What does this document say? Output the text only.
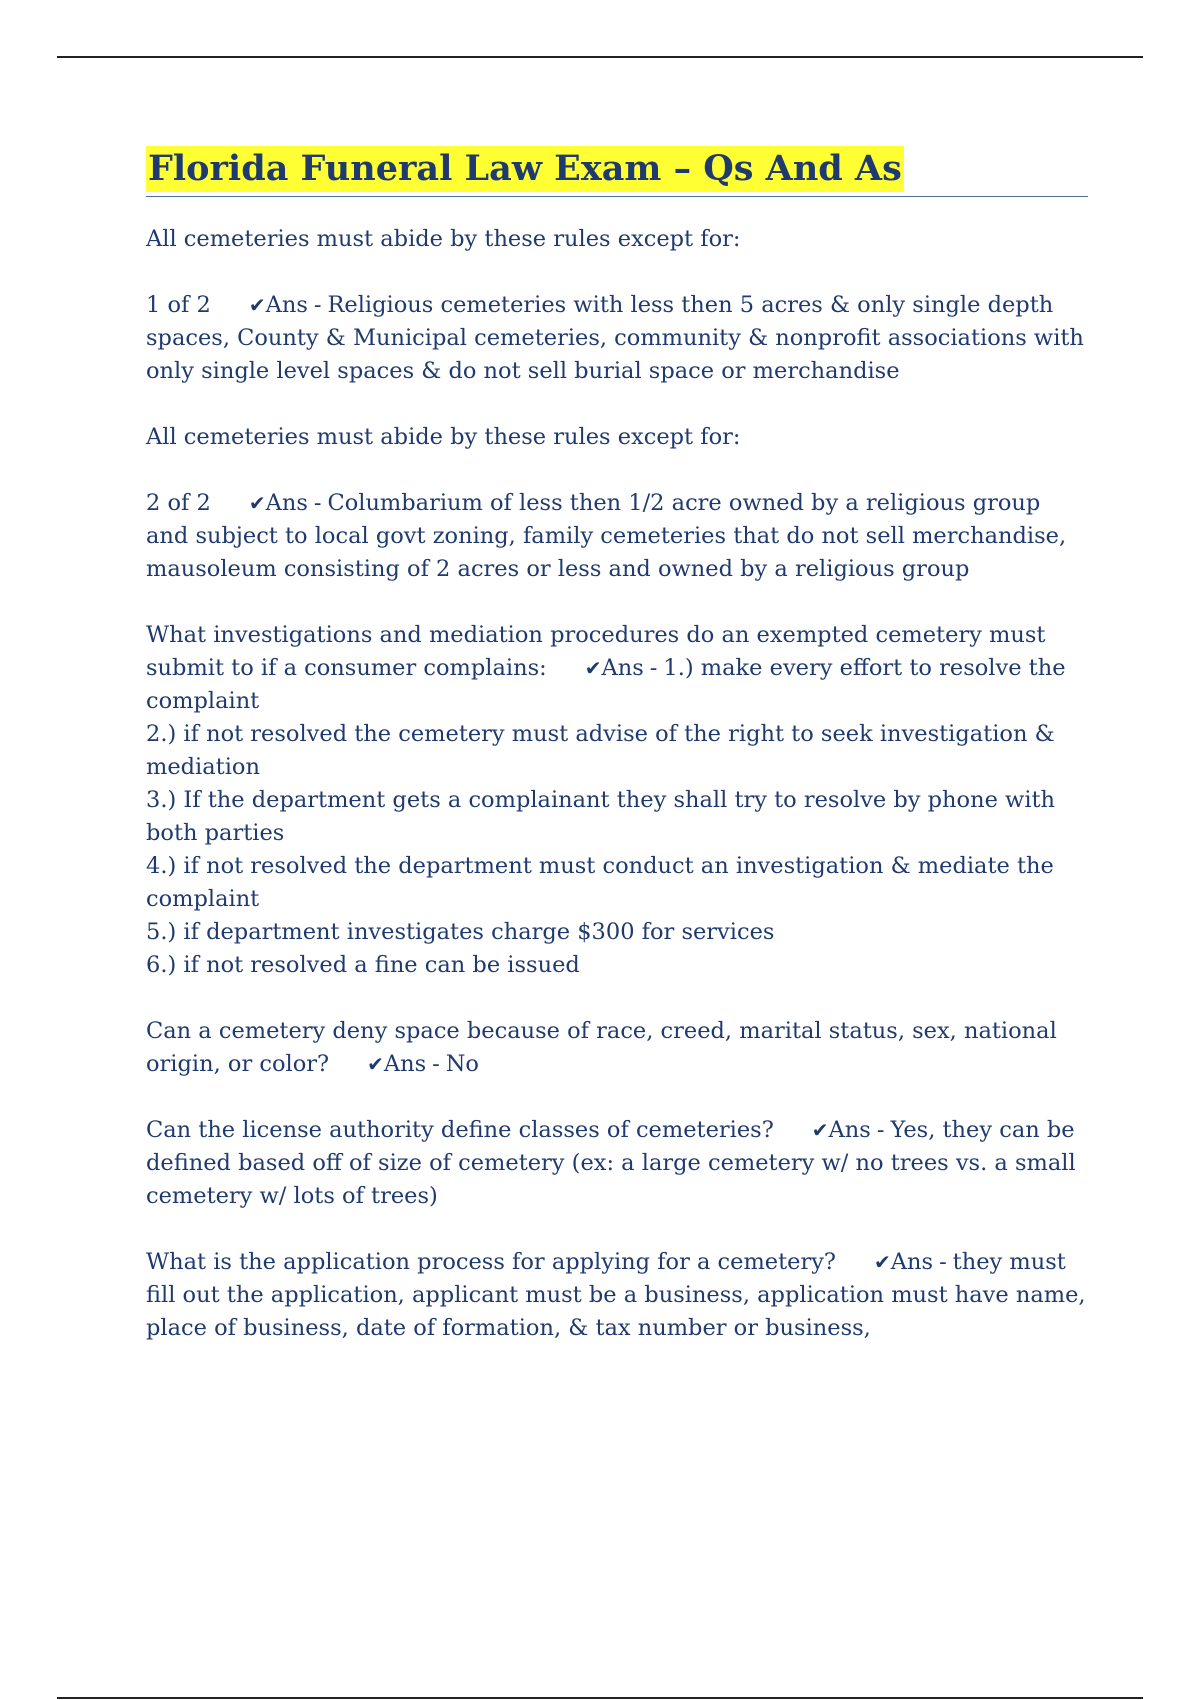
Florida Funeral Law Exam – Qs And As

All cemeteries must abide by these rules except for:

1 of 2 ✔Ans - Religious cemeteries with less then 5 acres & only single depth spaces, County & Municipal cemeteries, community & nonprofit associations with only single level spaces & do not sell burial space or merchandise

All cemeteries must abide by these rules except for:

2 of 2 ✔Ans - Columbarium of less then 1/2 acre owned by a religious group and subject to local govt zoning, family cemeteries that do not sell merchandise, mausoleum consisting of 2 acres or less and owned by a religious group

What investigations and mediation procedures do an exempted cemetery must submit to if a consumer complains: ✔Ans - 1.) make every effort to resolve the complaint
2.) if not resolved the cemetery must advise of the right to seek investigation & mediation
3.) If the department gets a complainant they shall try to resolve by phone with both parties
4.) if not resolved the department must conduct an investigation & mediate the complaint
5.) if department investigates charge $300 for services
6.) if not resolved a fine can be issued

Can a cemetery deny space because of race, creed, marital status, sex, national origin, or color? ✔Ans - No

Can the license authority define classes of cemeteries? ✔Ans - Yes, they can be defined based off of size of cemetery (ex: a large cemetery w/ no trees vs. a small cemetery w/ lots of trees)

What is the application process for applying for a cemetery? ✔Ans - they must fill out the application, applicant must be a business, application must have name, place of business, date of formation, & tax number or business,
